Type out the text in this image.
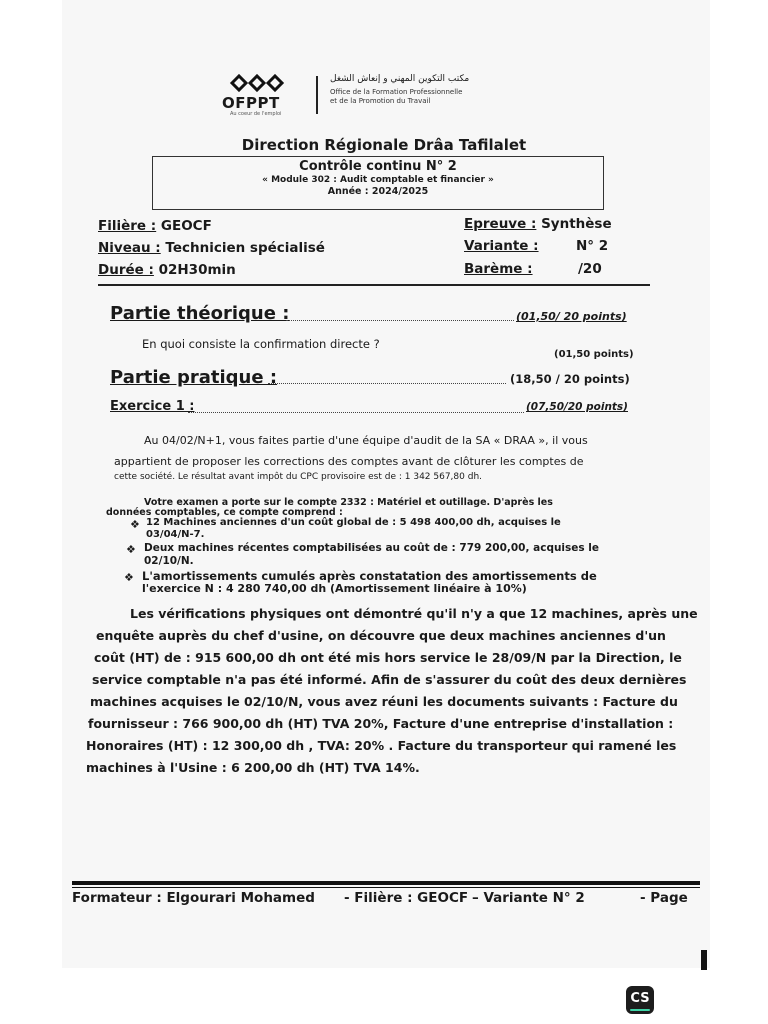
OFPPT
Au coeur de l'emploi
مكتب التكوين المهني و إنعاش الشغل
Office de la Formation Professionnelle
et de la Promotion du Travail
Direction Régionale Drâa Tafilalet
Contrôle continu N° 2
« Module 302 : Audit comptable et financier »
Année : 2024/2025
Filière : GEOCF
Niveau : Technicien spécialisé
Durée : 02H30min
Epreuve : Synthèse
Variante :	N° 2
Barème :	/20
Partie théorique :	(01,50/ 20 points)
En quoi consiste la confirmation directe ?
(01,50 points)
Partie pratique :	(18,50 / 20 points)
Exercice 1 :	(07,50/20 points)
Au 04/02/N+1, vous faites partie d'une équipe d'audit de la SA « DRAA », il vous
appartient de proposer les corrections des comptes avant de clôturer les comptes de
cette société. Le résultat avant impôt du CPC provisoire est de : 1 342 567,80 dh.
Votre examen a porte sur le compte 2332 : Matériel et outillage. D'après les
données comptables, ce compte comprend :
❖ 12 Machines anciennes d'un coût global de : 5 498 400,00 dh, acquises le
03/04/N-7.
❖ Deux machines récentes comptabilisées au coût de : 779 200,00, acquises le
02/10/N.
❖ L'amortissements cumulés après constatation des amortissements de
l'exercice N : 4 280 740,00 dh (Amortissement linéaire à 10%)
Les vérifications physiques ont démontré qu'il n'y a que 12 machines, après une
enquête auprès du chef d'usine, on découvre que deux machines anciennes d'un
coût (HT) de : 915 600,00 dh ont été mis hors service le 28/09/N par la Direction, le
service comptable n'a pas été informé. Afin de s'assurer du coût des deux dernières
machines acquises le 02/10/N, vous avez réuni les documents suivants : Facture du
fournisseur : 766 900,00 dh (HT) TVA 20%, Facture d'une entreprise d'installation :
Honoraires (HT) : 12 300,00 dh , TVA: 20% . Facture du transporteur qui ramené les
machines à l'Usine : 6 200,00 dh (HT) TVA 14%.
Formateur : Elgourari Mohamed - Filière : GEOCF – Variante N° 2	- Page
CS
